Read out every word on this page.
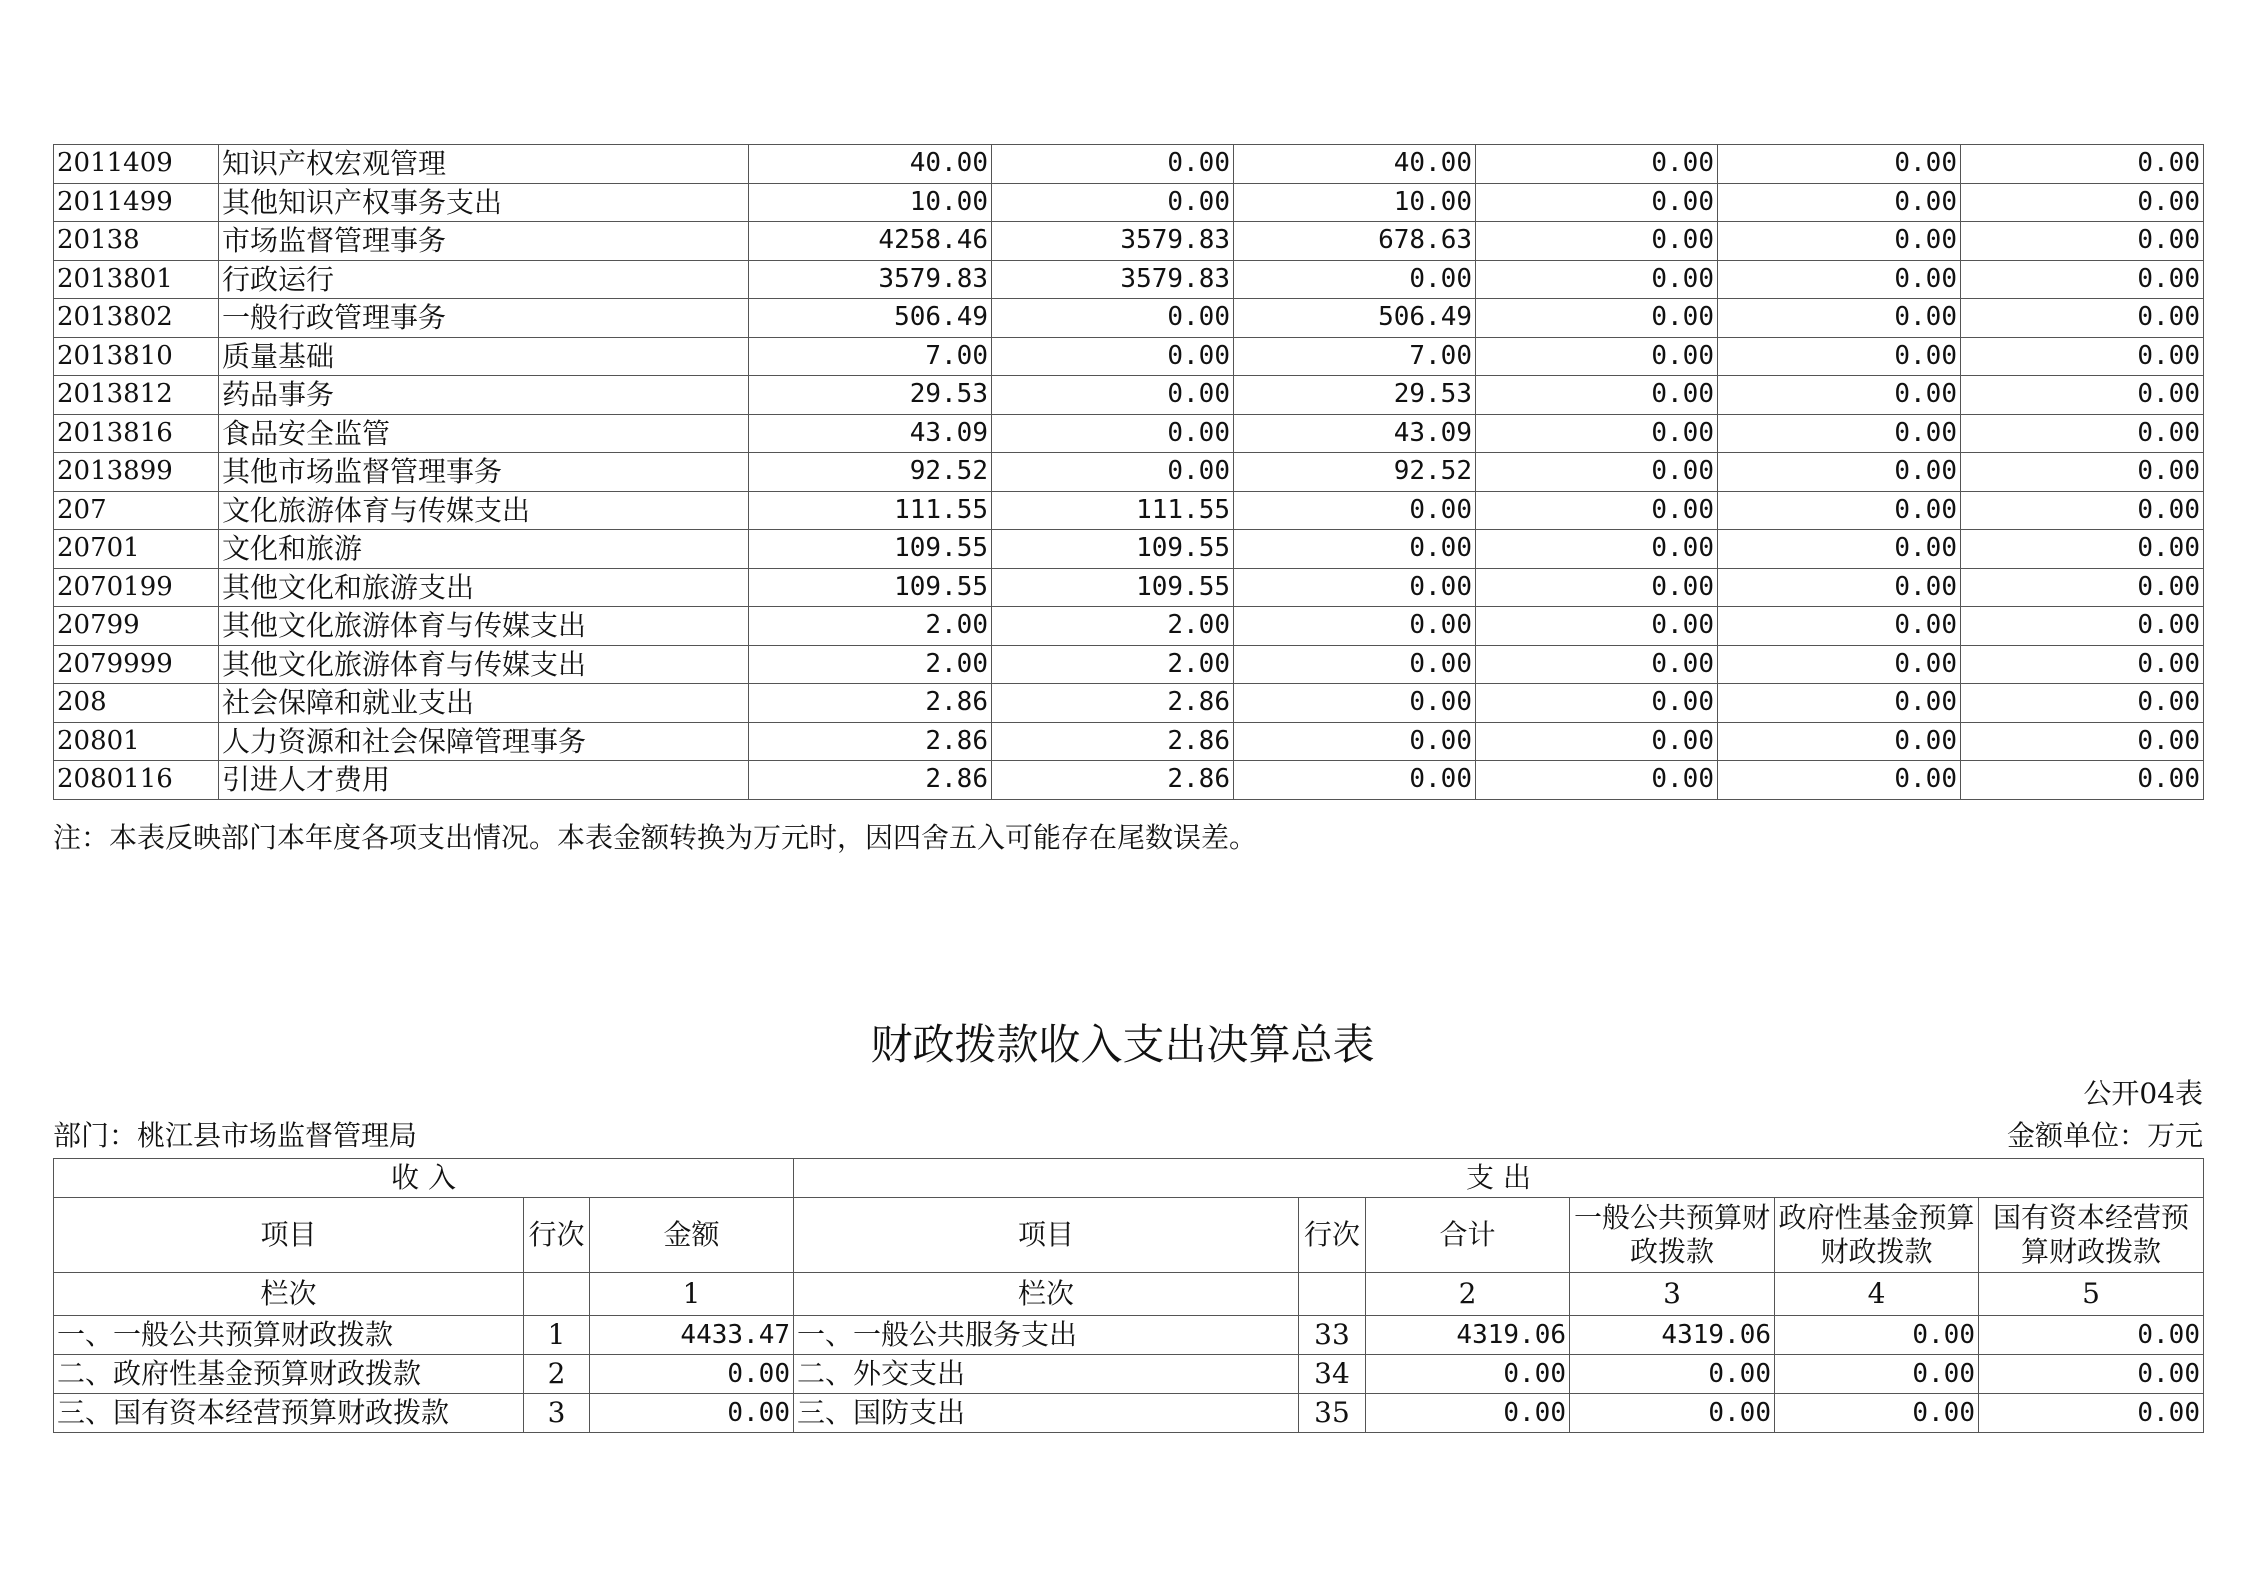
2011409	知识产权宏观管理	40.00	0.00	40.00	0.00	0.00	0.00
2011499	其他知识产权事务支出	10.00	0.00	10.00	0.00	0.00	0.00
20138	市场监督管理事务	4258.46	3579.83	678.63	0.00	0.00	0.00
2013801	行政运行	3579.83	3579.83	0.00	0.00	0.00	0.00
2013802	一般行政管理事务	506.49	0.00	506.49	0.00	0.00	0.00
2013810	质量基础	7.00	0.00	7.00	0.00	0.00	0.00
2013812	药品事务	29.53	0.00	29.53	0.00	0.00	0.00
2013816	食品安全监管	43.09	0.00	43.09	0.00	0.00	0.00
2013899	其他市场监督管理事务	92.52	0.00	92.52	0.00	0.00	0.00
207	文化旅游体育与传媒支出	111.55	111.55	0.00	0.00	0.00	0.00
20701	文化和旅游	109.55	109.55	0.00	0.00	0.00	0.00
2070199	其他文化和旅游支出	109.55	109.55	0.00	0.00	0.00	0.00
20799	其他文化旅游体育与传媒支出	2.00	2.00	0.00	0.00	0.00	0.00
2079999	其他文化旅游体育与传媒支出	2.00	2.00	0.00	0.00	0.00	0.00
208	社会保障和就业支出	2.86	2.86	0.00	0.00	0.00	0.00
20801	人力资源和社会保障管理事务	2.86	2.86	0.00	0.00	0.00	0.00
2080116	引进人才费用	2.86	2.86	0.00	0.00	0.00	0.00
注：本表反映部门本年度各项支出情况。本表金额转换为万元时，因四舍五入可能存在尾数误差。
财政拨款收入支出决算总表
公开04表
部门：桃江县市场监督管理局	金额单位：万元
收 入			支 出					
项目	行次	金额	项目	行次	合计	一般公共预算财政拨款	政府性基金预算财政拨款	国有资本经营预算财政拨款
栏次		1	栏次		2	3	4	5
一、一般公共预算财政拨款	1	4433.47	一、一般公共服务支出	33	4319.06	4319.06	0.00	0.00
二、政府性基金预算财政拨款	2	0.00	二、外交支出	34	0.00	0.00	0.00	0.00
三、国有资本经营预算财政拨款	3	0.00	三、国防支出	35	0.00	0.00	0.00	0.00
